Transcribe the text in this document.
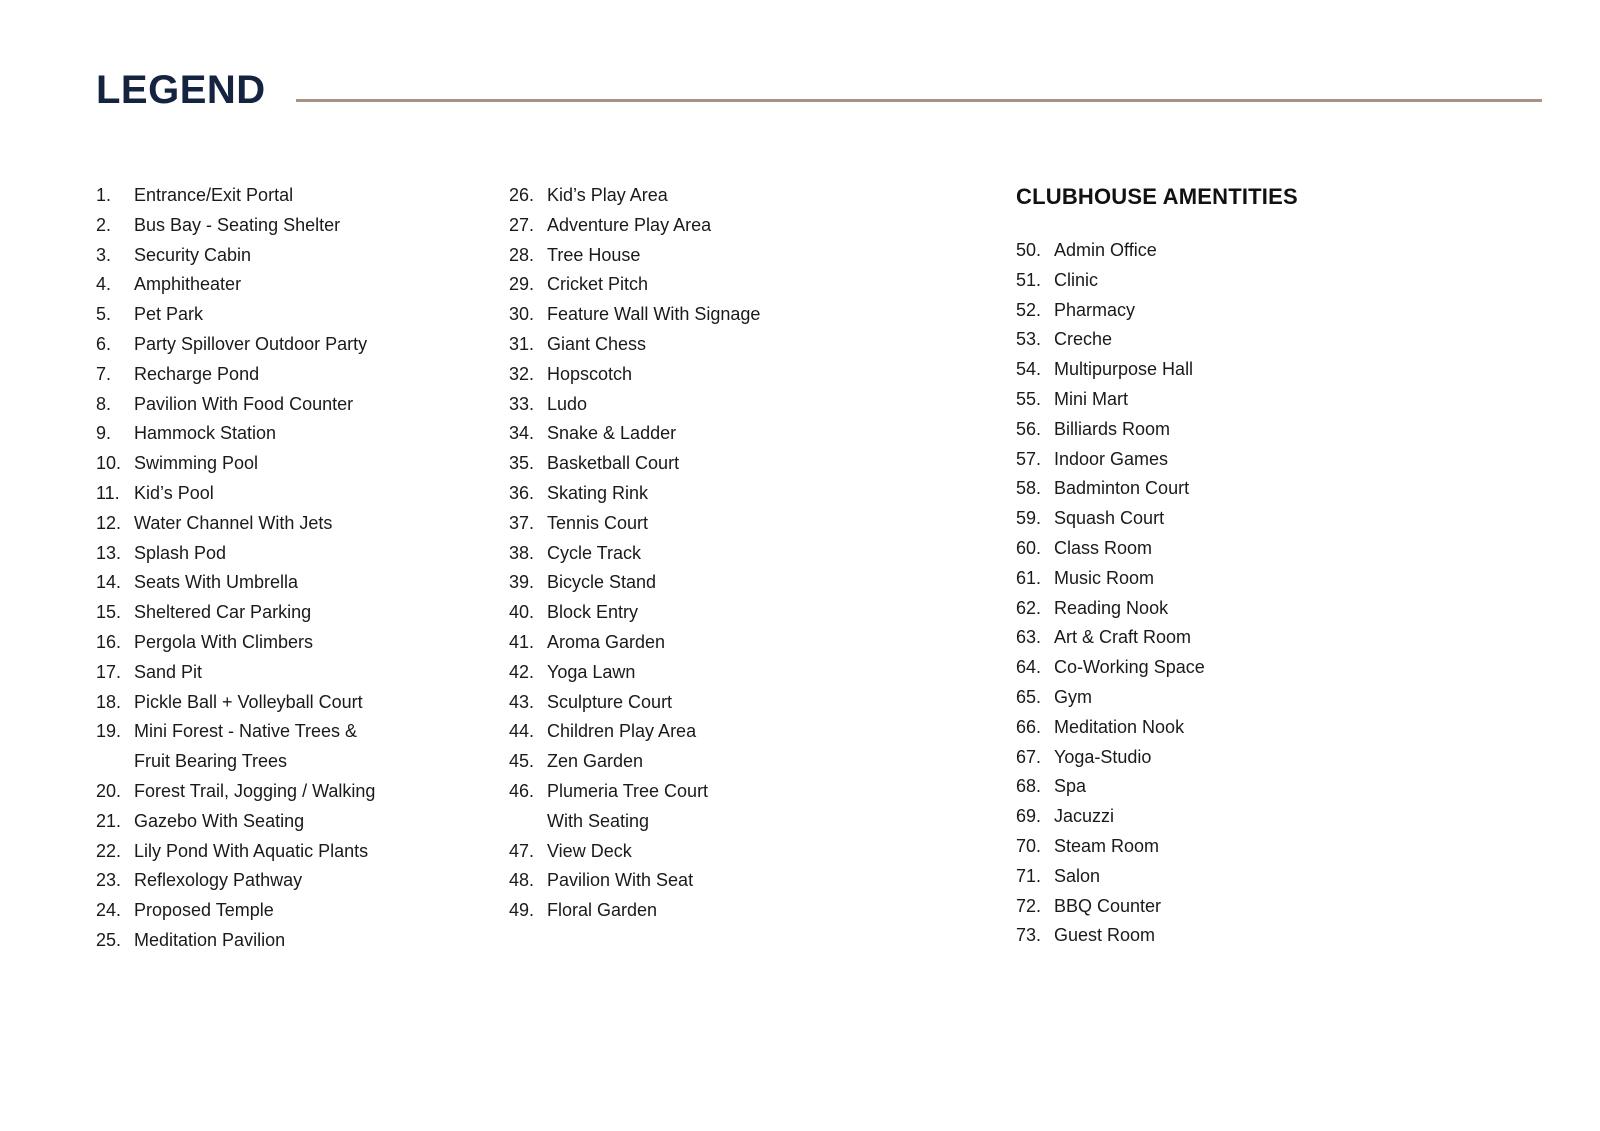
LEGEND
1.	Entrance/Exit Portal
2.	Bus Bay - Seating Shelter
3.	Security Cabin
4.	Amphitheater
5.	Pet Park
6.	Party Spillover Outdoor Party
7.	Recharge Pond
8.	Pavilion With Food Counter
9.	Hammock Station
10. Swimming Pool
11. Kid’s Pool
12. Water Channel With Jets
13. Splash Pod
14. Seats With Umbrella
15. Sheltered Car Parking
16. Pergola With Climbers
17. Sand Pit
18. Pickle Ball + Volleyball Court
19. Mini Forest - Native Trees & Fruit Bearing Trees
20. Forest Trail, Jogging / Walking
21. Gazebo With Seating
22. Lily Pond With Aquatic Plants
23. Reflexology Pathway
24. Proposed Temple
25. Meditation Pavilion
26. Kid’s Play Area
27. Adventure Play Area
28. Tree House
29. Cricket Pitch
30. Feature Wall With Signage
31. Giant Chess
32. Hopscotch
33. Ludo
34. Snake & Ladder
35. Basketball Court
36. Skating Rink
37. Tennis Court
38. Cycle Track
39. Bicycle Stand
40. Block Entry
41. Aroma Garden
42. Yoga Lawn
43. Sculpture Court
44. Children Play Area
45. Zen Garden
46. Plumeria Tree Court With Seating
47. View Deck
48. Pavilion With Seat
49. Floral Garden
CLUBHOUSE AMENTITIES
50. Admin Office
51. Clinic
52. Pharmacy
53. Creche
54. Multipurpose Hall
55. Mini Mart
56. Billiards Room
57. Indoor Games
58. Badminton Court
59. Squash Court
60. Class Room
61. Music Room
62. Reading Nook
63. Art & Craft Room
64. Co-Working Space
65. Gym
66. Meditation Nook
67. Yoga-Studio
68. Spa
69. Jacuzzi
70. Steam Room
71. Salon
72. BBQ Counter
73. Guest Room
